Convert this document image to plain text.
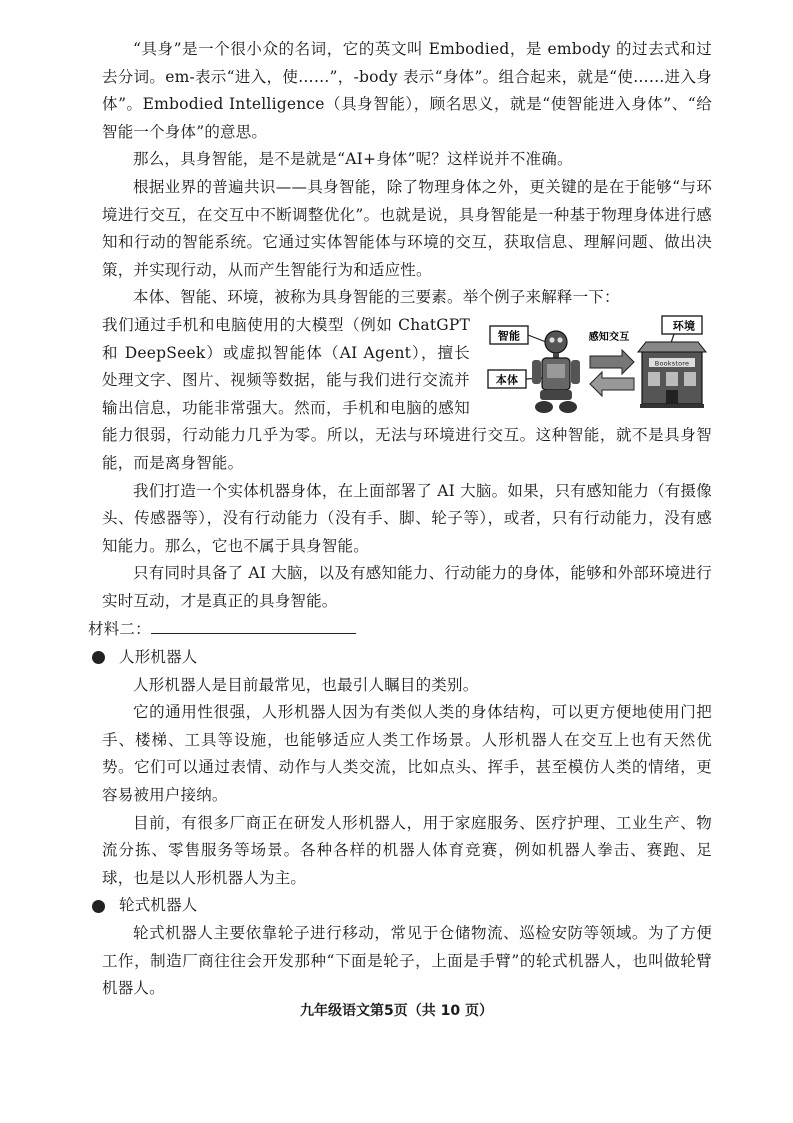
“具身”是一个很小众的名词，它的英文叫 Embodied，是 embody 的过去式和过去分词。em-表示“进入，使……”，-body 表示“身体”。组合起来，就是“使……进入身体”。Embodied Intelligence（具身智能），顾名思义，就是“使智能进入身体”、“给智能一个身体”的意思。

那么，具身智能，是不是就是“AI+身体”呢？这样说并不准确。

根据业界的普遍共识——具身智能，除了物理身体之外，更关键的是在于能够“与环境进行交互，在交互中不断调整优化”。也就是说，具身智能是一种基于物理身体进行感知和行动的智能系统。它通过实体智能体与环境的交互，获取信息、理解问题、做出决策，并实现行动，从而产生智能行为和适应性。

本体、智能、环境，被称为具身智能的三要素。举个例子来解释一下：

智能
本体
感知交互
环境
Bookstore

我们通过手机和电脑使用的大模型（例如 ChatGPT 和 DeepSeek）或虚拟智能体（AI Agent），擅长处理文字、图片、视频等数据，能与我们进行交流并输出信息，功能非常强大。然而，手机和电脑的感知能力很弱，行动能力几乎为零。所以，无法与环境进行交互。这种智能，就不是具身智能，而是离身智能。

我们打造一个实体机器身体，在上面部署了 AI 大脑。如果，只有感知能力（有摄像头、传感器等），没有行动能力（没有手、脚、轮子等），或者，只有行动能力，没有感知能力。那么，它也不属于具身智能。

只有同时具备了 AI 大脑，以及有感知能力、行动能力的身体，能够和外部环境进行实时互动，才是真正的具身智能。

材料二：

人形机器人

人形机器人是目前最常见，也最引人瞩目的类别。

它的通用性很强，人形机器人因为有类似人类的身体结构，可以更方便地使用门把手、楼梯、工具等设施，也能够适应人类工作场景。人形机器人在交互上也有天然优势。它们可以通过表情、动作与人类交流，比如点头、挥手，甚至模仿人类的情绪，更容易被用户接纳。

目前，有很多厂商正在研发人形机器人，用于家庭服务、医疗护理、工业生产、物流分拣、零售服务等场景。各种各样的机器人体育竞赛，例如机器人拳击、赛跑、足球，也是以人形机器人为主。

轮式机器人

轮式机器人主要依靠轮子进行移动，常见于仓储物流、巡检安防等领域。为了方便工作，制造厂商往往会开发那种“下面是轮子，上面是手臂”的轮式机器人，也叫做轮臂机器人。

九年级语文第5页（共 10 页）
